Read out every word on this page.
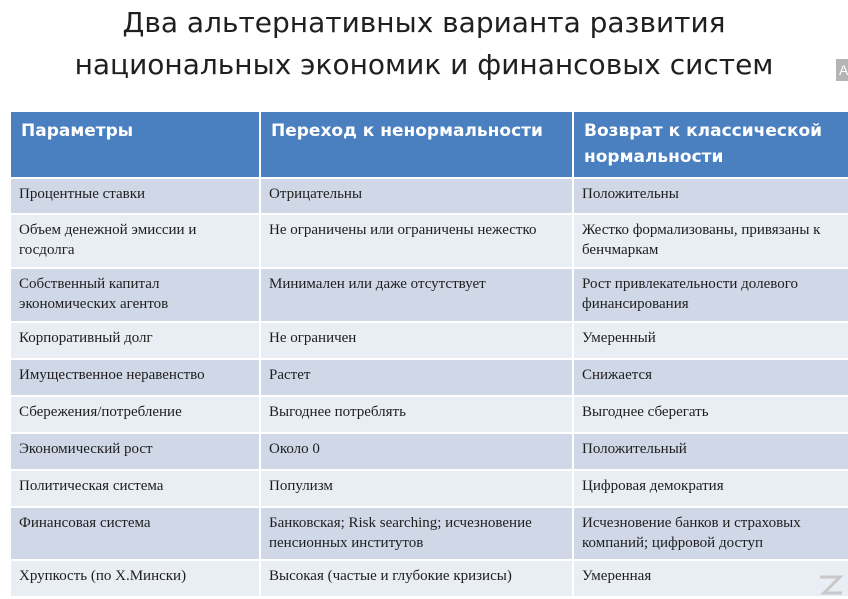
Два альтернативных варианта развития
национальных экономик и финансовых систем	A
Параметры	Переход к ненормальности	Возврат к классической нормальности
Процентные ставки	Отрицательны	Положительны
Объем денежной эмиссии и госдолга	Не ограничены или ограничены нежестко	Жестко формализованы, привязаны к бенчмаркам
Собственный капитал экономических агентов	Минимален или даже отсутствует	Рост привлекательности долевого финансирования
Корпоративный долг	Не ограничен	Умеренный
Имущественное неравенство	Растет	Снижается
Сбережения/потребление	Выгоднее потреблять	Выгоднее сберегать
Экономический рост	Около 0	Положительный
Политическая система	Популизм	Цифровая демократия
Финансовая система	Банковская; Risk searching; исчезновение пенсионных институтов	Исчезновение банков и страховых компаний; цифровой доступ
Хрупкость (по Х.Мински)	Высокая (частые и глубокие кризисы)	Умеренная
